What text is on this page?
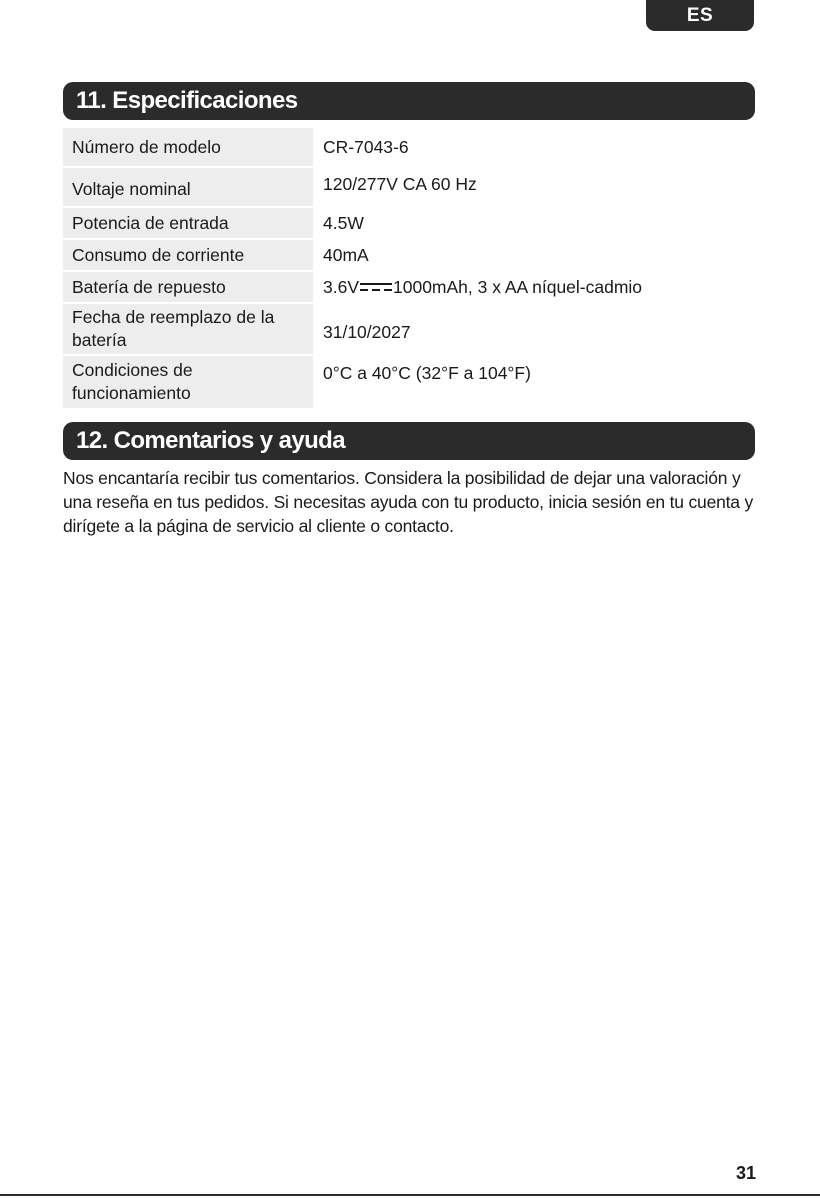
ES
11. Especificaciones
Número de modelo	CR-7043-6
Voltaje nominal	120/277V CA 60 Hz
Potencia de entrada	4.5W
Consumo de corriente	40mA
Batería de repuesto	3.6V 1000mAh, 3 x AA níquel-cadmio
Fecha de reemplazo de la batería	31/10/2027
Condiciones de funcionamiento	0°C a 40°C (32°F a 104°F)
12. Comentarios y ayuda

Nos encantaría recibir tus comentarios. Considera la posibilidad de dejar una valoración y una reseña en tus pedidos. Si necesitas ayuda con tu producto, inicia sesión en tu cuenta y dirígete a la página de servicio al cliente o contacto.

31
